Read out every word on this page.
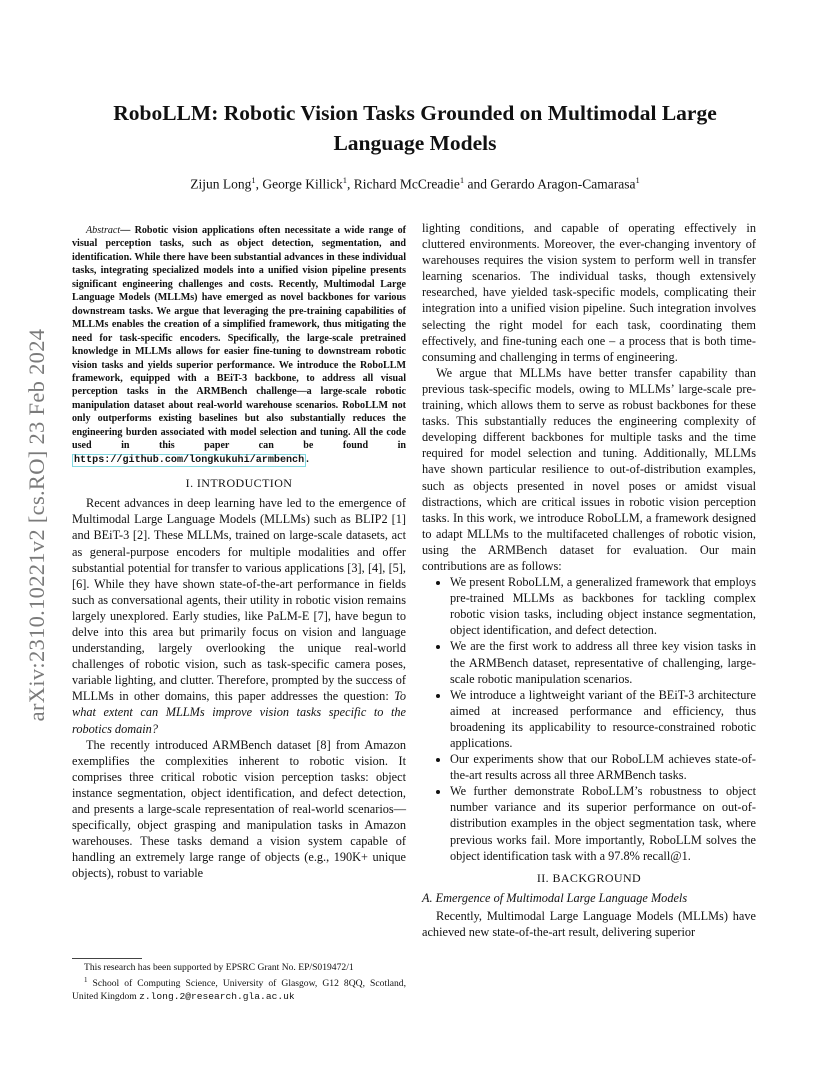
arXiv:2310.10221v2 [cs.RO] 23 Feb 2024
RoboLLM: Robotic Vision Tasks Grounded on Multimodal Large Language Models
Zijun Long$^1$, George Killick$^1$, Richard McCreadie$^1$ and Gerardo Aragon-Camarasa$^1$

Abstract— Robotic vision applications often necessitate a wide range of visual perception tasks, such as object detection, segmentation, and identification. While there have been substantial advances in these individual tasks, integrating specialized models into a unified vision pipeline presents significant engineering challenges and costs. Recently, Multimodal Large Language Models (MLLMs) have emerged as novel backbones for various downstream tasks. We argue that leveraging the pre-training capabilities of MLLMs enables the creation of a simplified framework, thus mitigating the need for task-specific encoders. Specifically, the large-scale pretrained knowledge in MLLMs allows for easier fine-tuning to downstream robotic vision tasks and yields superior performance. We introduce the RoboLLM framework, equipped with a BEiT-3 backbone, to address all visual perception tasks in the ARMBench challenge—a large-scale robotic manipulation dataset about real-world warehouse scenarios. RoboLLM not only outperforms existing baselines but also substantially reduces the engineering burden associated with model selection and tuning. All the code used in this paper can be found in https://github.com/longkukuhi/armbench .

I. INTRODUCTION

Recent advances in deep learning have led to the emergence of Multimodal Large Language Models (MLLMs) such as BLIP2 [1] and BEiT-3 [2]. These MLLMs, trained on large-scale datasets, act as general-purpose encoders for multiple modalities and offer substantial potential for transfer to various applications [3], [4], [5], [6]. While they have shown state-of-the-art performance in fields such as conversational agents, their utility in robotic vision remains largely unexplored. Early studies, like PaLM-E [7], have begun to delve into this area but primarily focus on vision and language understanding, largely overlooking the unique real-world challenges of robotic vision, such as task-specific camera poses, variable lighting, and clutter. Therefore, prompted by the success of MLLMs in other domains, this paper addresses the question: To what extent can MLLMs improve vision tasks specific to the robotics domain?

The recently introduced ARMBench dataset [8] from Amazon exemplifies the complexities inherent to robotic vision. It comprises three critical robotic vision perception tasks: object instance segmentation, object identification, and defect detection, and presents a large-scale representation of real-world scenarios—specifically, object grasping and manipulation tasks in Amazon warehouses. These tasks demand a vision system capable of handling an extremely large range of objects (e.g., 190K+ unique objects), robust to variable

This research has been supported by EPSRC Grant No. EP/S019472/1
$^1$ School of Computing Science, University of Glasgow, G12 8QQ, Scotland, United Kingdom z.long.2@research.gla.ac.uk

lighting conditions, and capable of operating effectively in cluttered environments. Moreover, the ever-changing inventory of warehouses requires the vision system to perform well in transfer learning scenarios. The individual tasks, though extensively researched, have yielded task-specific models, complicating their integration into a unified vision pipeline. Such integration involves selecting the right model for each task, coordinating them effectively, and fine-tuning each one – a process that is both time-consuming and challenging in terms of engineering.

We argue that MLLMs have better transfer capability than previous task-specific models, owing to MLLMs’ large-scale pre-training, which allows them to serve as robust backbones for these tasks. This substantially reduces the engineering complexity of developing different backbones for multiple tasks and the time required for model selection and tuning. Additionally, MLLMs have shown particular resilience to out-of-distribution examples, such as objects presented in novel poses or amidst visual distractions, which are critical issues in robotic vision perception tasks. In this work, we introduce RoboLLM, a framework designed to adapt MLLMs to the multifaceted challenges of robotic vision, using the ARMBench dataset for evaluation. Our main contributions are as follows:

• We present RoboLLM, a generalized framework that employs pre-trained MLLMs as backbones for tackling complex robotic vision tasks, including object instance segmentation, object identification, and defect detection.
• We are the first work to address all three key vision tasks in the ARMBench dataset, representative of challenging, large-scale robotic manipulation scenarios.
• We introduce a lightweight variant of the BEiT-3 architecture aimed at increased performance and efficiency, thus broadening its applicability to resource-constrained robotic applications.
• Our experiments show that our RoboLLM achieves state-of-the-art results across all three ARMBench tasks.
• We further demonstrate RoboLLM’s robustness to object number variance and its superior performance on out-of-distribution examples in the object segmentation task, where previous works fail. More importantly, RoboLLM solves the object identification task with a 97.8% recall@1.
II. BACKGROUND
A. Emergence of Multimodal Large Language Models

Recently, Multimodal Large Language Models (MLLMs) have achieved new state-of-the-art result, delivering superior
